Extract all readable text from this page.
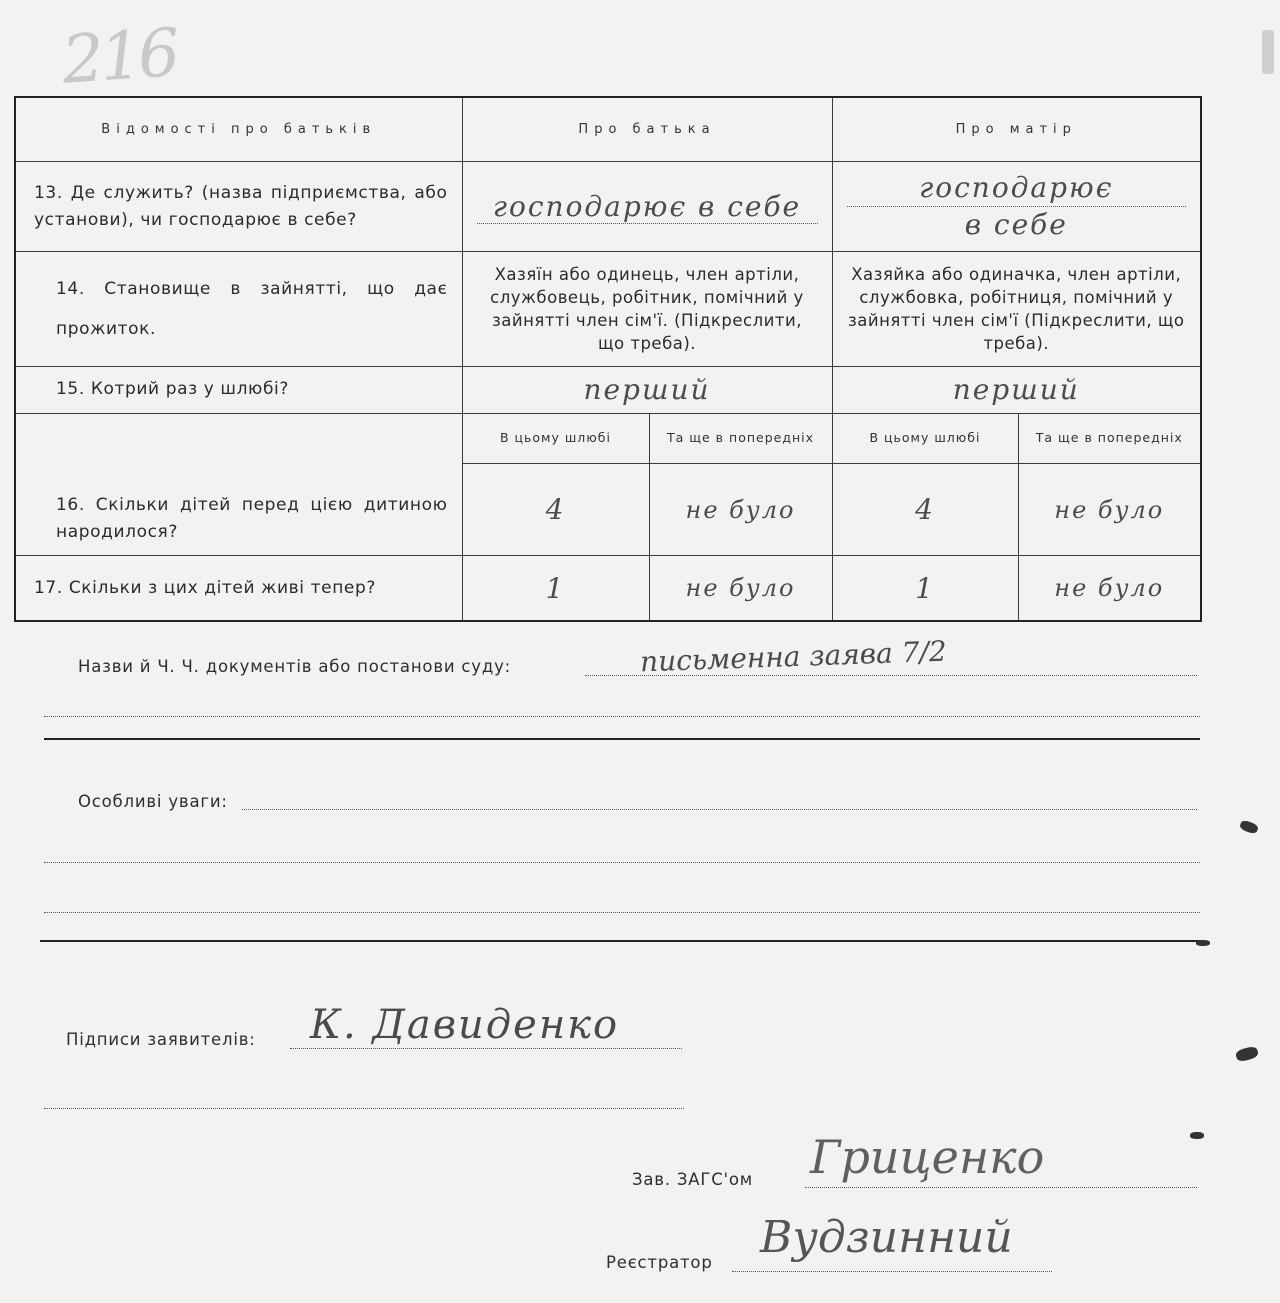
216
Відомості про батьків	Про батька		Про матір	
13. Де служить? (назва підприємства, або установи), чи господарює в себе?	господарює в себе		господарює
в себе	

14. Становище в зайнятті, що дає прожиток.	Хазяїн або одинець, член артіли, службовець, робітник, помічний у зайнятті член сім'ї. (Підкреслити, що треба).		Хазяйка або одиначка, член артіли, службовка, робітниця, помічний у зайнятті член сім'ї (Підкреслити, що треба).	
15. Котрий раз у шлюбі?	перший		перший	
16. Скільки дітей перед цією дитиною народилося?	В цьому шлюбі	Та ще в попередніх	В цьому шлюбі	Та ще в попередніх
	4	не було	4	не було
17. Скільки з цих дітей живі тепер?	1	не було	1	не було
Назви й Ч. Ч. документів або постанови суду:	письменна заява 7/2
Особливі уваги:
Підписи заявителів: К. Давиденко
Зав. ЗАГС'ом Гриценко
Реєстратор Вудзинний
